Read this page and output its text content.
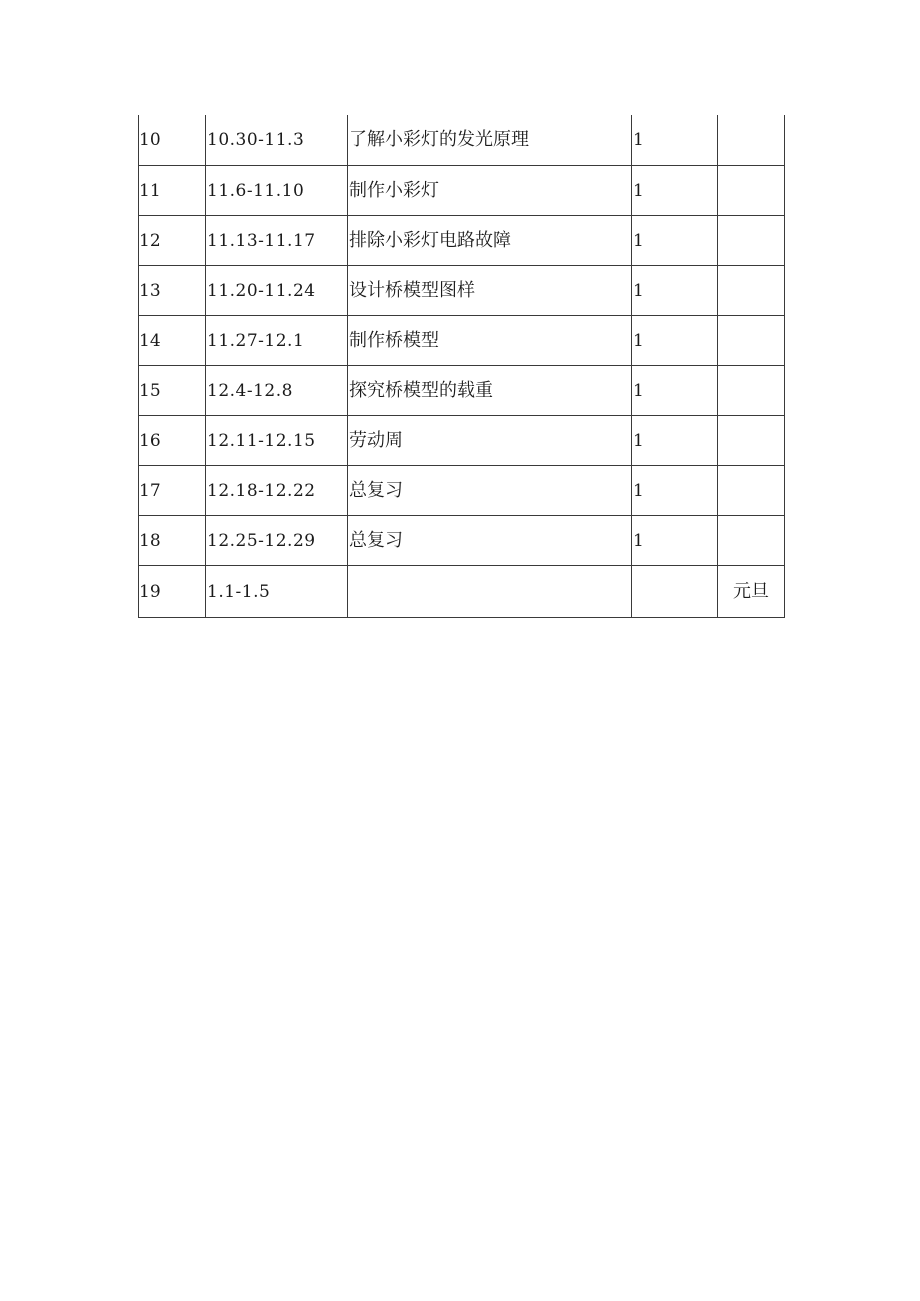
10	10.30-11.3	了解小彩灯的发光原理	1	
11	11.6-11.10	制作小彩灯	1	
12	11.13-11.17	排除小彩灯电路故障	1	
13	11.20-11.24	设计桥模型图样	1	
14	11.27-12.1	制作桥模型	1	
15	12.4-12.8	探究桥模型的载重	1	
16	12.11-12.15	劳动周	1	
17	12.18-12.22	总复习	1	
18	12.25-12.29	总复习	1	
19	1.1-1.5			元旦
